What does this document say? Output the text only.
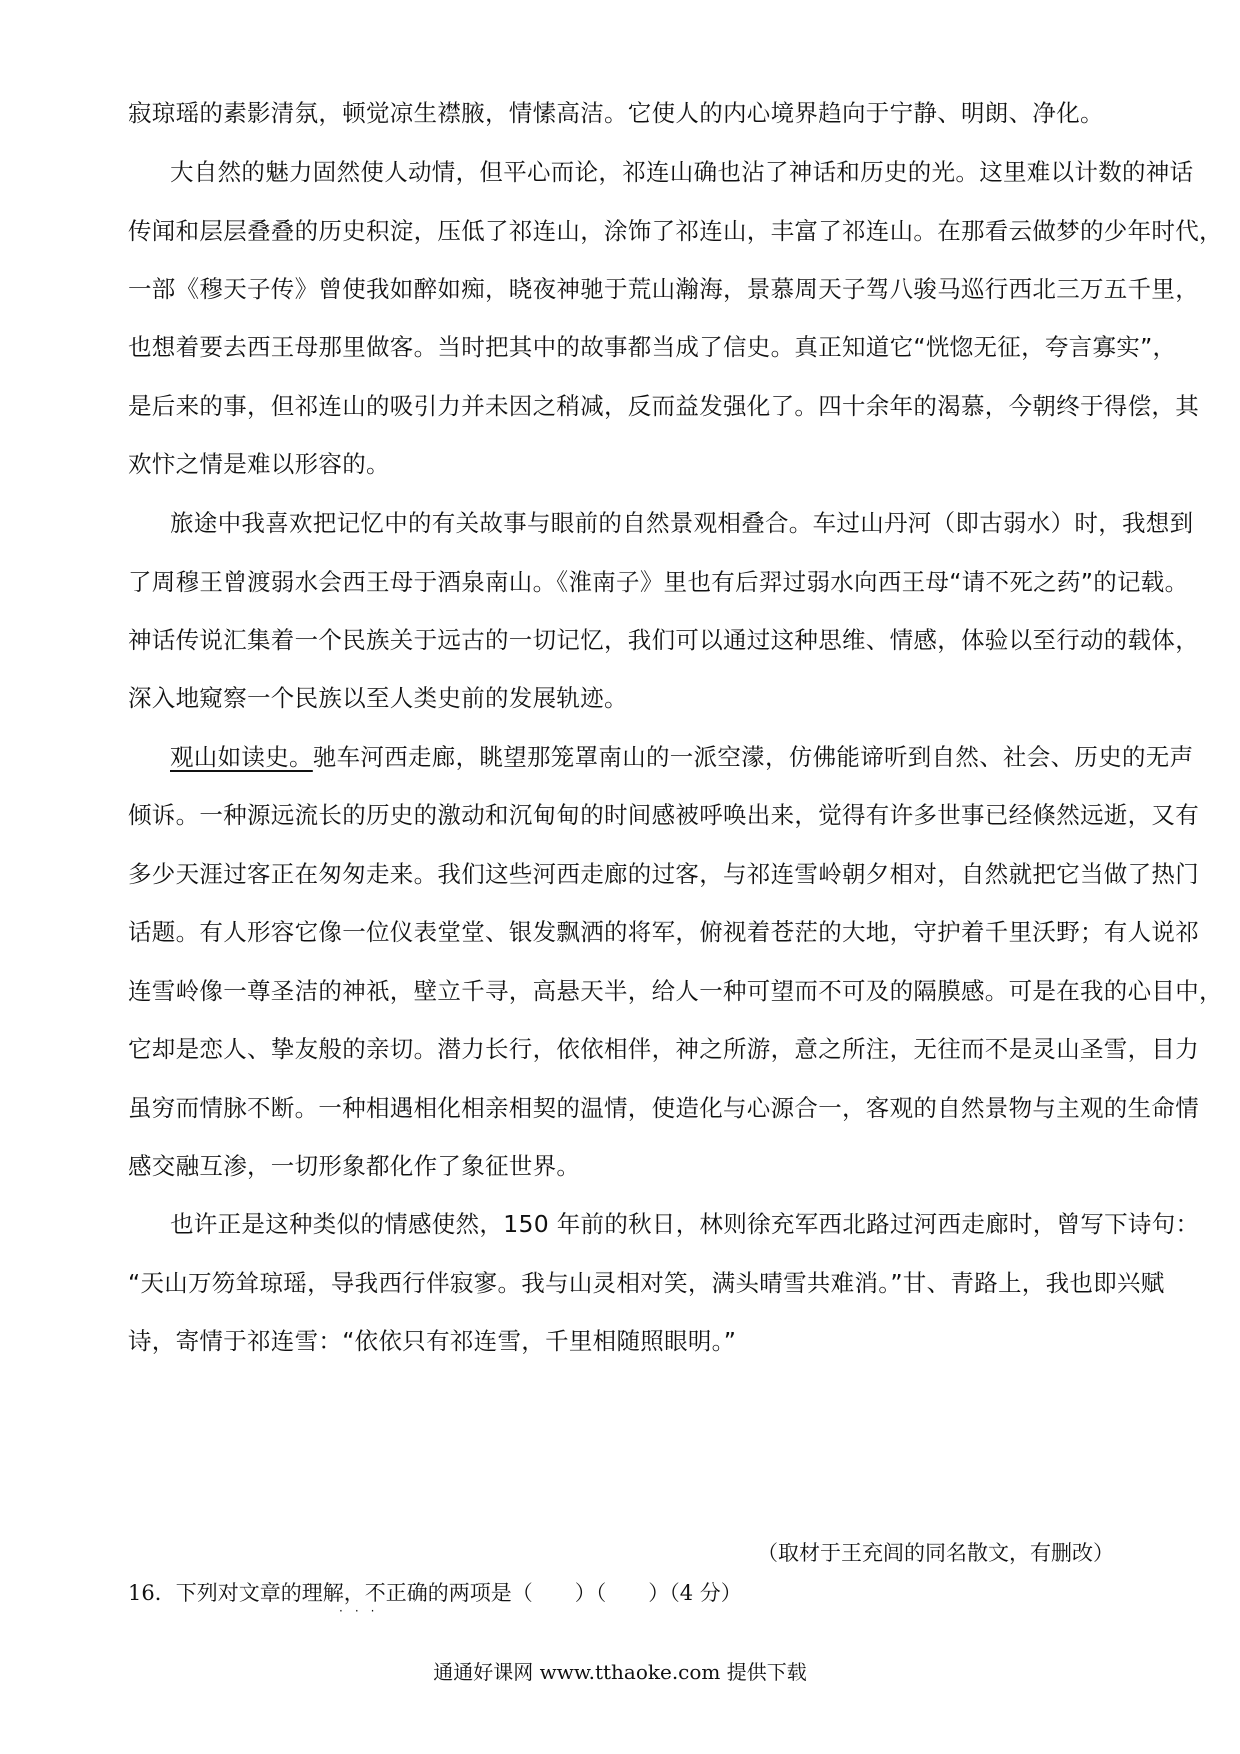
寂琼瑶的素影清氛，顿觉凉生襟腋，情愫高洁。它使人的内心境界趋向于宁静、明朗、净化。
大自然的魅力固然使人动情，但平心而论，祁连山确也沾了神话和历史的光。这里难以计数的神话
传闻和层层叠叠的历史积淀，压低了祁连山，涂饰了祁连山，丰富了祁连山。在那看云做梦的少年时代，
一部《穆天子传》曾使我如醉如痴，晓夜神驰于荒山瀚海，景慕周天子驾八骏马巡行西北三万五千里，
也想着要去西王母那里做客。当时把其中的故事都当成了信史。真正知道它“恍惚无征，夸言寡实”，
是后来的事，但祁连山的吸引力并未因之稍减，反而益发强化了。四十余年的渴慕，今朝终于得偿，其
欢忭之情是难以形容的。
旅途中我喜欢把记忆中的有关故事与眼前的自然景观相叠合。车过山丹河（即古弱水）时，我想到
了周穆王曾渡弱水会西王母于酒泉南山。《淮南子》里也有后羿过弱水向西王母“请不死之药”的记载。
神话传说汇集着一个民族关于远古的一切记忆，我们可以通过这种思维、情感，体验以至行动的载体，
深入地窥察一个民族以至人类史前的发展轨迹。
观山如读史。驰车河西走廊，眺望那笼罩南山的一派空濛，仿佛能谛听到自然、社会、历史的无声
倾诉。一种源远流长的历史的激动和沉甸甸的时间感被呼唤出来，觉得有许多世事已经倏然远逝，又有
多少天涯过客正在匆匆走来。我们这些河西走廊的过客，与祁连雪岭朝夕相对，自然就把它当做了热门
话题。有人形容它像一位仪表堂堂、银发飘洒的将军，俯视着苍茫的大地，守护着千里沃野；有人说祁
连雪岭像一尊圣洁的神祇，壁立千寻，高悬天半，给人一种可望而不可及的隔膜感。可是在我的心目中，
它却是恋人、挚友般的亲切。潜力长行，依依相伴，神之所游，意之所注，无往而不是灵山圣雪，目力
虽穷而情脉不断。一种相遇相化相亲相契的温情，使造化与心源合一，客观的自然景物与主观的生命情
感交融互渗，一切形象都化作了象征世界。
也许正是这种类似的情感使然，150 年前的秋日，林则徐充军西北路过河西走廊时，曾写下诗句：
“天山万笏耸琼瑶，导我西行伴寂寥。我与山灵相对笑，满头晴雪共难消。”甘、青路上，我也即兴赋
诗，寄情于祁连雪：“依依只有祁连雪，千里相随照眼明。”
（取材于王充闾的同名散文，有删改）
16．下列对文章的理解，不正确的两项是（　　）（　　）（4 分）
···
通通好课网 www.tthaoke.com 提供下载
